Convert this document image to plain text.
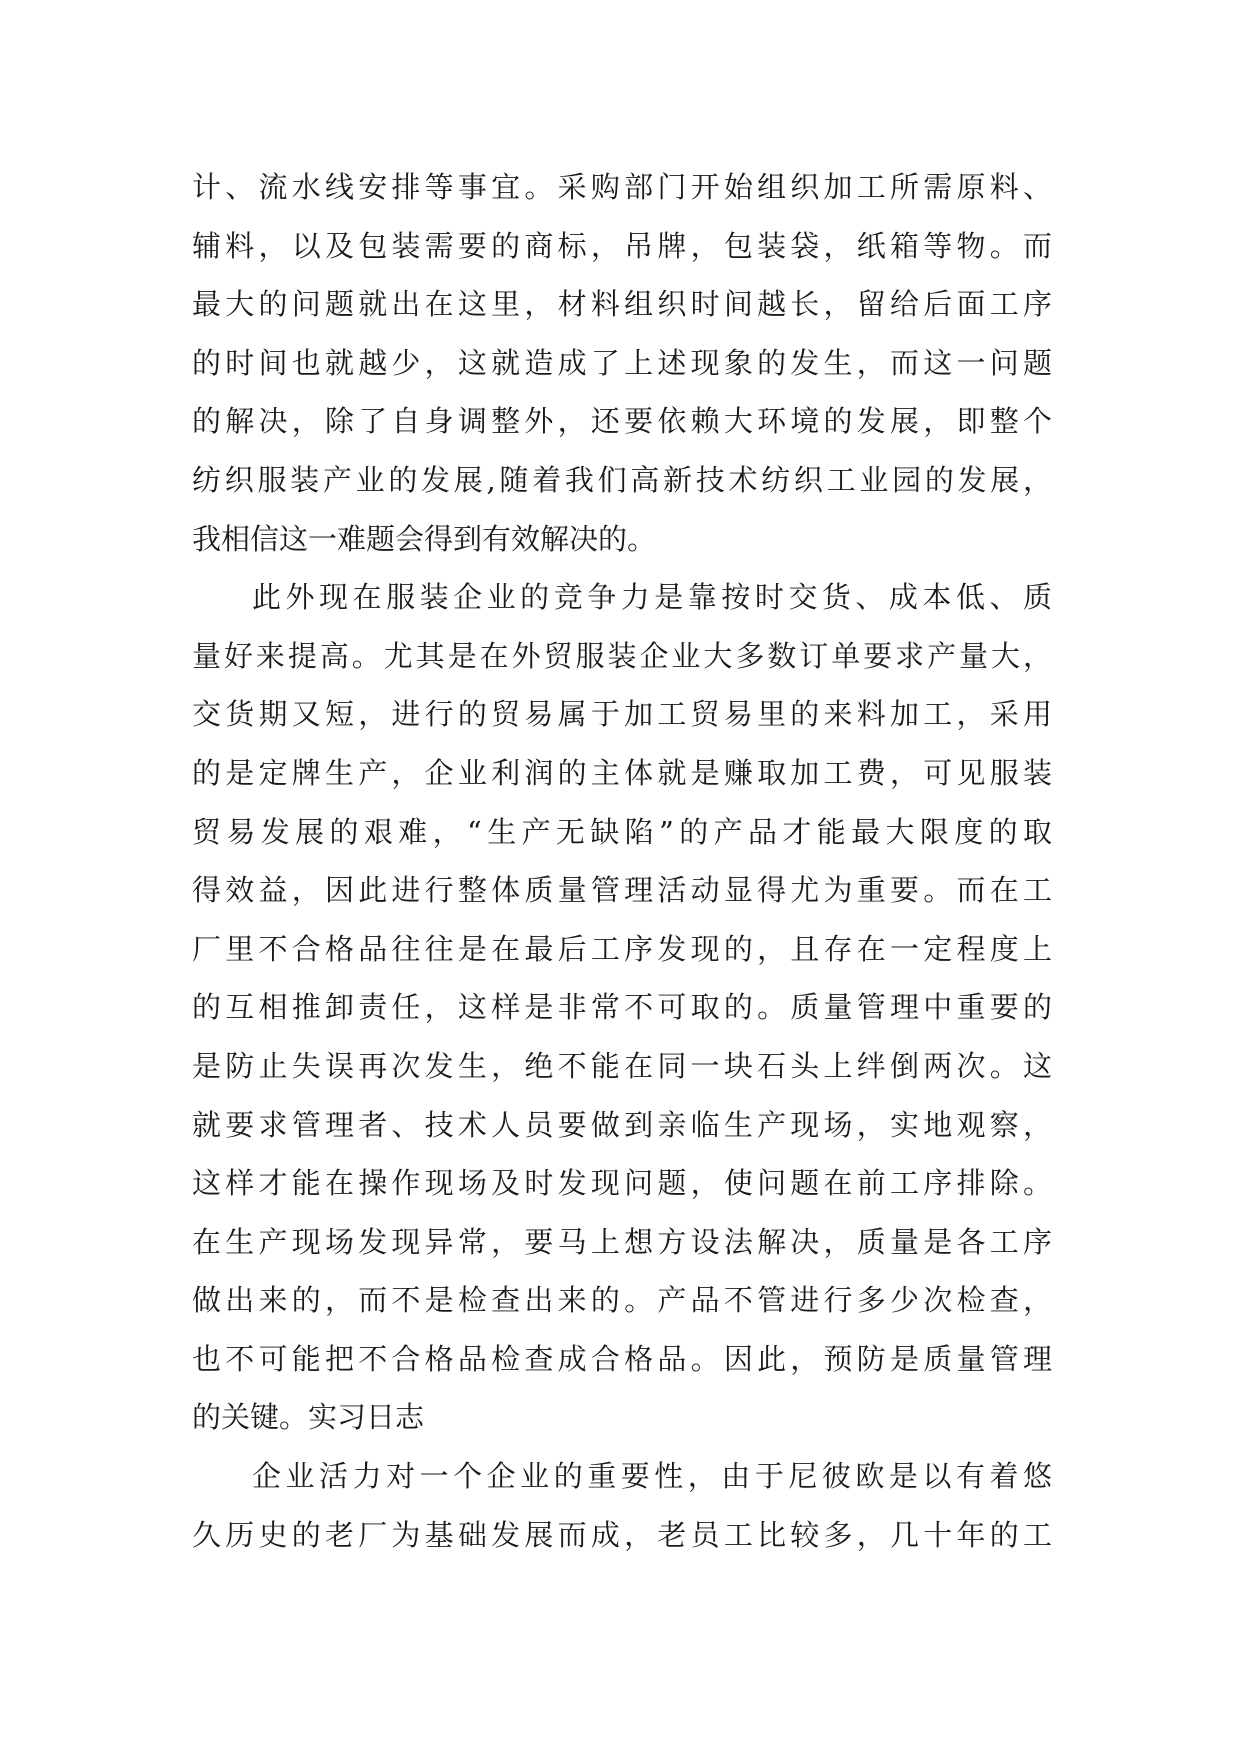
计、流水线安排等事宜。采购部门开始组织加工所需原料、
辅料，以及包装需要的商标，吊牌，包装袋，纸箱等物。而
最大的问题就出在这里，材料组织时间越长，留给后面工序
的时间也就越少，这就造成了上述现象的发生，而这一问题
的解决，除了自身调整外，还要依赖大环境的发展，即整个
纺织服装产业的发展,随着我们高新技术纺织工业园的发展，
我相信这一难题会得到有效解决的。
此外现在服装企业的竞争力是靠按时交货、成本低、质
量好来提高。尤其是在外贸服装企业大多数订单要求产量大，
交货期又短，进行的贸易属于加工贸易里的来料加工，采用
的是定牌生产，企业利润的主体就是赚取加工费，可见服装
贸易发展的艰难，“生产无缺陷”的产品才能最大限度的取
得效益，因此进行整体质量管理活动显得尤为重要。而在工
厂里不合格品往往是在最后工序发现的，且存在一定程度上
的互相推卸责任，这样是非常不可取的。质量管理中重要的
是防止失误再次发生，绝不能在同一块石头上绊倒两次。这
就要求管理者、技术人员要做到亲临生产现场，实地观察，
这样才能在操作现场及时发现问题，使问题在前工序排除。
在生产现场发现异常，要马上想方设法解决，质量是各工序
做出来的，而不是检查出来的。产品不管进行多少次检查，
也不可能把不合格品检查成合格品。因此，预防是质量管理
的关键。实习日志
企业活力对一个企业的重要性，由于尼彼欧是以有着悠
久历史的老厂为基础发展而成，老员工比较多，几十年的工
